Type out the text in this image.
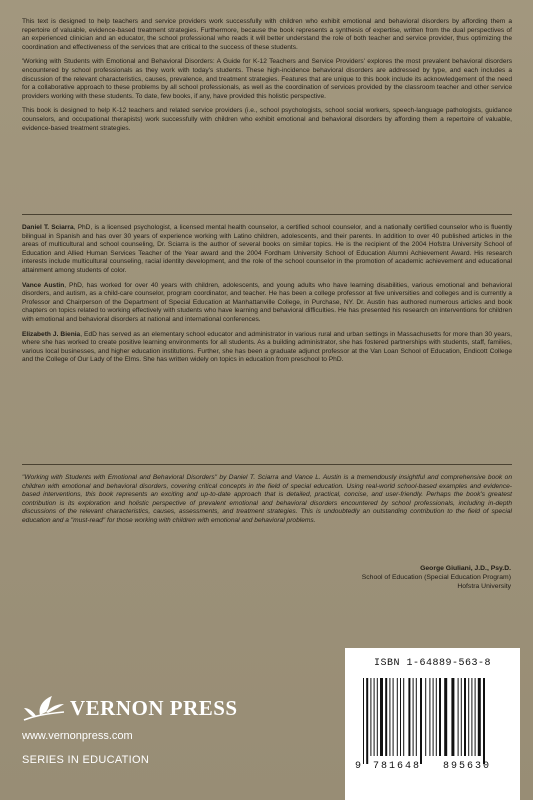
This text is designed to help teachers and service providers work successfully with children who exhibit emotional and behavioral disorders by affording them a repertoire of valuable, evidence-based treatment strategies. Furthermore, because the book represents a synthesis of expertise, written from the dual perspectives of an experienced clinician and an educator, the school professional who reads it will better understand the role of both teacher and service provider, thus optimizing the coordination and effectiveness of the services that are critical to the success of these students.

'Working with Students with Emotional and Behavioral Disorders: A Guide for K-12 Teachers and Service Providers' explores the most prevalent behavioral disorders encountered by school professionals as they work with today's students. These high-incidence behavioral disorders are addressed by type, and each includes a discussion of the relevant characteristics, causes, prevalence, and treatment strategies. Features that are unique to this book include its acknowledgement of the need for a collaborative approach to these problems by all school professionals, as well as the coordination of services provided by the classroom teacher and other service providers working with these students. To date, few books, if any, have provided this holistic perspective.

This book is designed to help K-12 teachers and related service providers (i.e., school psychologists, school social workers, speech-language pathologists, guidance counselors, and occupational therapists) work successfully with children who exhibit emotional and behavioral disorders by affording them a repertoire of valuable, evidence-based treatment strategies.

Daniel T. Sciarra, PhD, is a licensed psychologist, a licensed mental health counselor, a certified school counselor, and a nationally certified counselor who is fluently bilingual in Spanish and has over 30 years of experience working with Latino children, adolescents, and their parents. In addition to over 40 published articles in the areas of multicultural and school counseling, Dr. Sciarra is the author of several books on similar topics. He is the recipient of the 2004 Hofstra University School of Education and Allied Human Services Teacher of the Year award and the 2004 Fordham University School of Education Alumni Achievement Award. His research interests include multicultural counseling, racial identity development, and the role of the school counselor in the promotion of academic achievement and educational attainment among students of color.

Vance Austin, PhD, has worked for over 40 years with children, adolescents, and young adults who have learning disabilities, various emotional and behavioral disorders, and autism, as a child-care counselor, program coordinator, and teacher. He has been a college professor at five universities and colleges and is currently a Professor and Chairperson of the Department of Special Education at Manhattanville College, in Purchase, NY. Dr. Austin has authored numerous articles and book chapters on topics related to working effectively with students who have learning and behavioral difficulties. He has presented his research on interventions for children with emotional and behavioral disorders at national and international conferences.

Elizabeth J. Bienia, EdD has served as an elementary school educator and administrator in various rural and urban settings in Massachusetts for more than 30 years, where she has worked to create positive learning environments for all students. As a building administrator, she has fostered partnerships with students, staff, families, various local businesses, and higher education institutions. Further, she has been a graduate adjunct professor at the Van Loan School of Education, Endicott College and the College of Our Lady of the Elms. She has written widely on topics in education from preschool to PhD.

"Working with Students with Emotional and Behavioral Disorders" by Daniel T. Sciarra and Vance L. Austin is a tremendously insightful and comprehensive book on children with emotional and behavioral disorders, covering critical concepts in the field of special education. Using real-world school-based examples and evidence-based interventions, this book represents an exciting and up-to-date approach that is detailed, practical, concise, and user-friendly. Perhaps the book's greatest contribution is its exploration and holistic perspective of prevalent emotional and behavioral disorders encountered by school professionals, including in-depth discussions of the relevant characteristics, causes, assessments, and treatment strategies. This is undoubtedly an outstanding contribution to the field of special education and a "must-read" for those working with children with emotional and behavioral problems.
George Giuliani, J.D., Psy.D.
School of Education (Special Education Program)
Hofstra University
VERNON PRESS
www.vernonpress.com
SERIES IN EDUCATION
ISBN 1-64889-563-8
9 781648 895630
